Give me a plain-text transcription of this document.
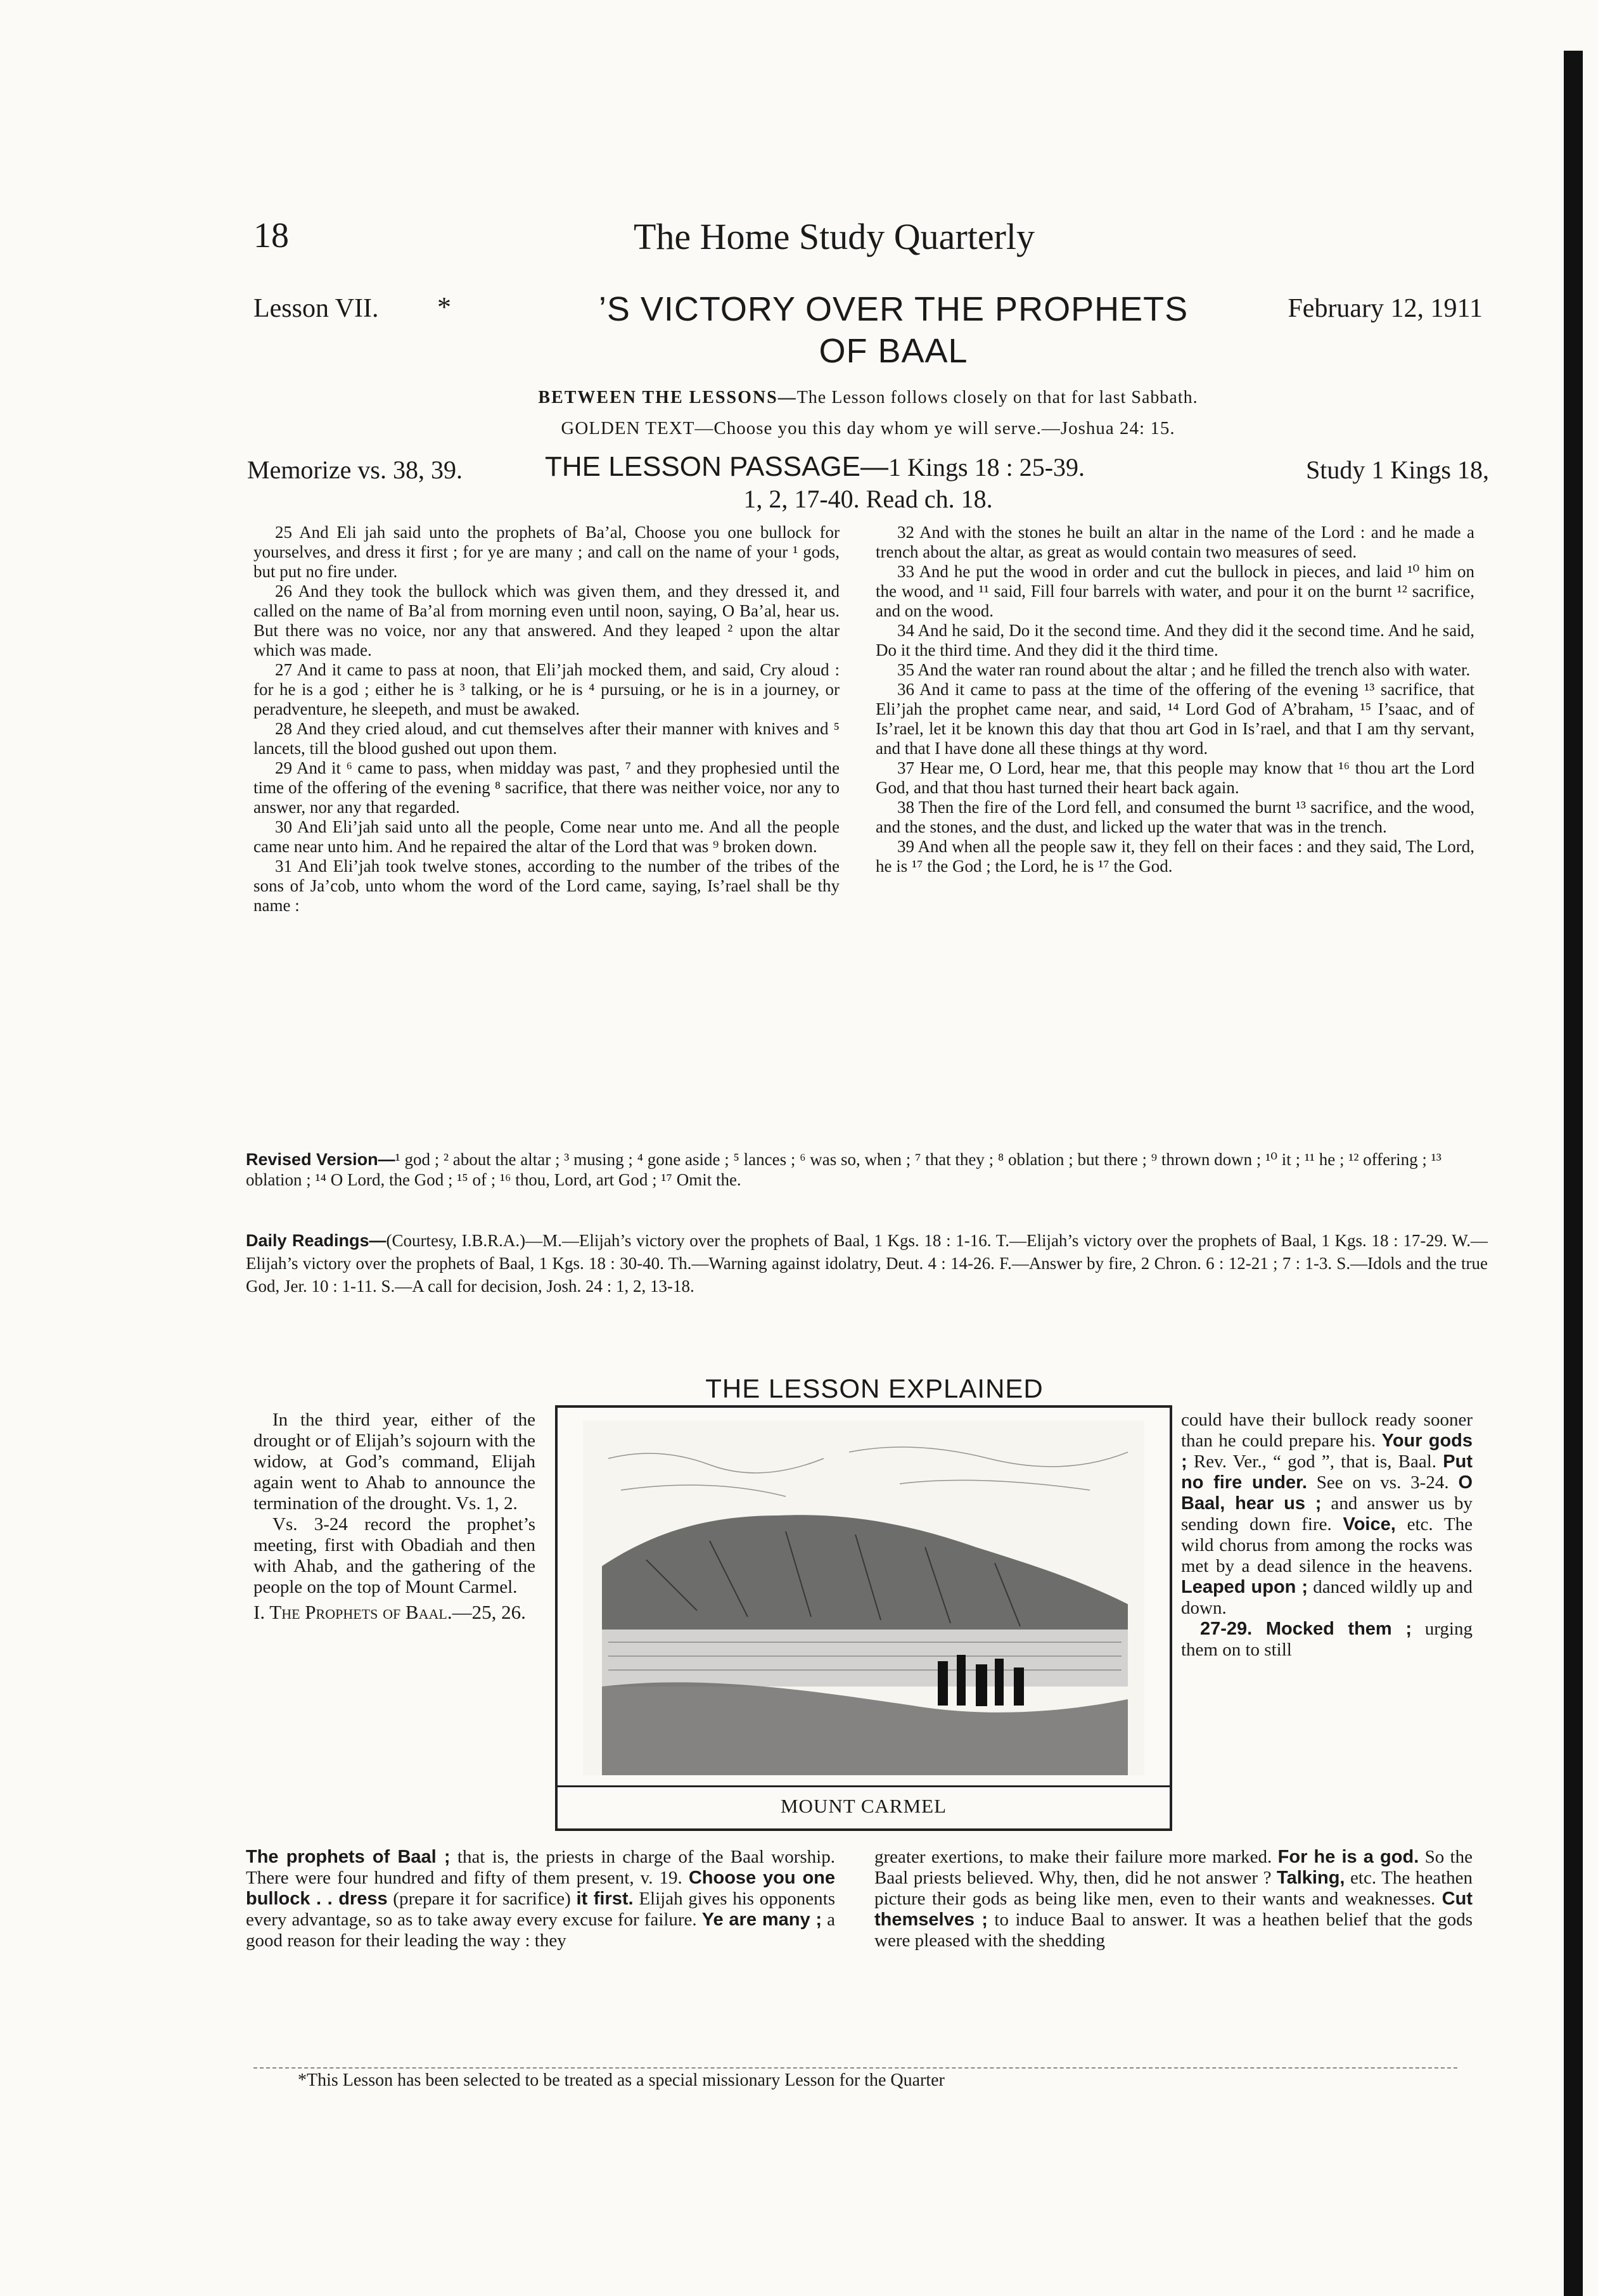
18	The Home Study Quarterly
Lesson VII. *	’S VICTORY OVER THE PROPHETS OF BAAL
February 12, 1911
BETWEEN THE LESSONS—The Lesson follows closely on that for last Sabbath.
GOLDEN TEXT—Choose you this day whom ye will serve.—Joshua 24: 15.
Memorize vs. 38, 39.	THE LESSON PASSAGE—1 Kings 18 : 25-39.	Study 1 Kings 18,
1, 2, 17-40. Read ch. 18.

25 And Eli jah said unto the prophets of Ba’al, Choose you one bullock for yourselves, and dress it first ; for ye are many ; and call on the name of your ¹ gods, but put no fire under.

26 And they took the bullock which was given them, and they dressed it, and called on the name of Ba’al from morning even until noon, saying, O Ba’al, hear us. But there was no voice, nor any that answered. And they leaped ² upon the altar which was made.

27 And it came to pass at noon, that Eli’jah mocked them, and said, Cry aloud : for he is a god ; either he is ³ talking, or he is ⁴ pursuing, or he is in a journey, or peradventure, he sleepeth, and must be awaked.

28 And they cried aloud, and cut themselves after their manner with knives and ⁵ lancets, till the blood gushed out upon them.

29 And it ⁶ came to pass, when midday was past, ⁷ and they prophesied until the time of the offering of the evening ⁸ sacrifice, that there was neither voice, nor any to answer, nor any that regarded.

30 And Eli’jah said unto all the people, Come near unto me. And all the people came near unto him. And he repaired the altar of the Lord that was ⁹ broken down.

31 And Eli’jah took twelve stones, according to the number of the tribes of the sons of Ja’cob, unto whom the word of the Lord came, saying, Is’rael shall be thy name :

32 And with the stones he built an altar in the name of the Lord : and he made a trench about the altar, as great as would contain two measures of seed.

33 And he put the wood in order and cut the bullock in pieces, and laid ¹⁰ him on the wood, and ¹¹ said, Fill four barrels with water, and pour it on the burnt ¹² sacrifice, and on the wood.

34 And he said, Do it the second time. And they did it the second time. And he said, Do it the third time. And they did it the third time.

35 And the water ran round about the altar ; and he filled the trench also with water.

36 And it came to pass at the time of the offering of the evening ¹³ sacrifice, that Eli’jah the prophet came near, and said, ¹⁴ Lord God of A’braham, ¹⁵ I’saac, and of Is’rael, let it be known this day that thou art God in Is’rael, and that I am thy servant, and that I have done all these things at thy word.

37 Hear me, O Lord, hear me, that this people may know that ¹⁶ thou art the Lord God, and that thou hast turned their heart back again.

38 Then the fire of the Lord fell, and consumed the burnt ¹³ sacrifice, and the wood, and the stones, and the dust, and licked up the water that was in the trench.

39 And when all the people saw it, they fell on their faces : and they said, The Lord, he is ¹⁷ the God ; the Lord, he is ¹⁷ the God.

Revised Version—¹ god ; ² about the altar ; ³ musing ; ⁴ gone aside ; ⁵ lances ; ⁶ was so, when ; ⁷ that they ; ⁸ oblation ; but there ; ⁹ thrown down ; ¹⁰ it ; ¹¹ he ; ¹² offering ; ¹³ oblation ; ¹⁴ O Lord, the God ; ¹⁵ of ; ¹⁶ thou, Lord, art God ; ¹⁷ Omit the.
Daily Readings—(Courtesy, I.B.R.A.)—M.—Elijah’s victory over the prophets of Baal, 1 Kgs. 18 : 1-16. T.—Elijah’s victory over the prophets of Baal, 1 Kgs. 18 : 17-29. W.—Elijah’s victory over the prophets of Baal, 1 Kgs. 18 : 30-40. Th.—Warning against idolatry, Deut. 4 : 14-26. F.—Answer by fire, 2 Chron. 6 : 12-21 ; 7 : 1-3. S.—Idols and the true God, Jer. 10 : 1-11. S.—A call for decision, Josh. 24 : 1, 2, 13-18.
THE LESSON EXPLAINED
MOUNT CARMEL

In the third year, either of the drought or of Elijah’s sojourn with the widow, at God’s command, Elijah again went to Ahab to announce the termination of the drought. Vs. 1, 2.

Vs. 3-24 record the prophet’s meeting, first with Obadiah and then with Ahab, and the gathering of the people on the top of Mount Carmel.

I. The Prophets of Baal.—25, 26.

could have their bullock ready sooner than he could prepare his. Your gods ; Rev. Ver., “ god ”, that is, Baal. Put no fire under. See on vs. 3-24. O Baal, hear us ; and answer us by sending down fire. Voice, etc. The wild chorus from among the rocks was met by a dead silence in the heavens. Leaped upon ; danced wildly up and down.

27-29. Mocked them ; urging them on to still

The prophets of Baal ; that is, the priests in charge of the Baal worship. There were four hundred and fifty of them present, v. 19. Choose you one bullock . . dress (prepare it for sacrifice) it first. Elijah gives his opponents every advantage, so as to take away every excuse for failure. Ye are many ; a good reason for their leading the way : they
greater exertions, to make their failure more marked. For he is a god. So the Baal priests believed. Why, then, did he not answer ? Talking, etc. The heathen picture their gods as being like men, even to their wants and weaknesses. Cut themselves ; to induce Baal to answer. It was a heathen belief that the gods were pleased with the shedding
*This Lesson has been selected to be treated as a special missionary Lesson for the Quarter
